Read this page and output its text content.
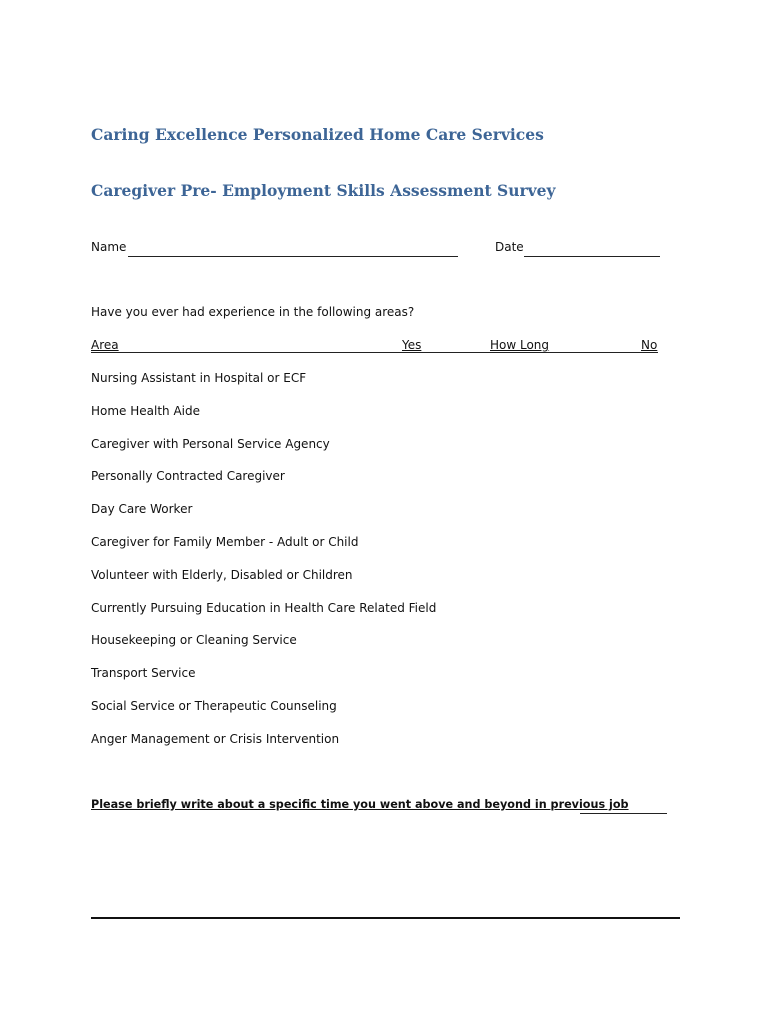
Caring Excellence Personalized Home Care Services
Caregiver Pre- Employment Skills Assessment Survey
Name	Date

Have you ever had experience in the following areas?

Area	Yes	How Long	No
Nursing Assistant in Hospital or ECF
Home Health Aide
Caregiver with Personal Service Agency
Personally Contracted Caregiver
Day Care Worker
Caregiver for Family Member - Adult or Child
Volunteer with Elderly, Disabled or Children
Currently Pursuing Education in Health Care Related Field
Housekeeping or Cleaning Service
Transport Service
Social Service or Therapeutic Counseling
Anger Management or Crisis Intervention

Please briefly write about a specific time you went above and beyond in previous job
